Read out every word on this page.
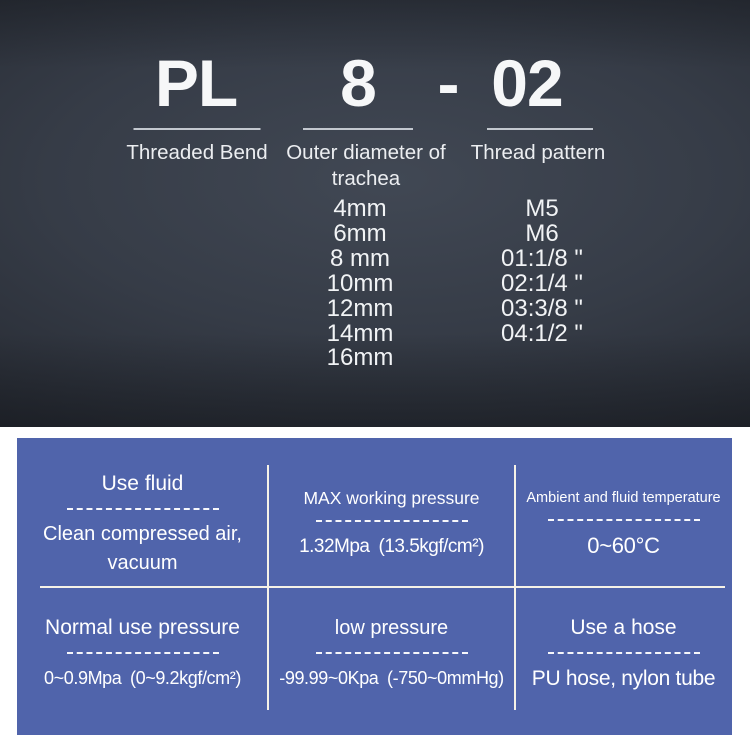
PL 8 - 02
Threaded Bend Outer diameter of trachea
Thread pattern
4mm
6mm
8 mm
10mm
12mm
14mm
16mm
M5
M6
01:1/8 "
02:1/4 "
03:3/8 "
04:1/2 "
Use fluid
Clean compressed air, vacuum
MAX working pressure
1.32Mpa (13.5kgf/cm²)
Ambient and fluid temperature
0~60°C
Normal use pressure
0~0.9Mpa (0~9.2kgf/cm²)
low pressure
-99.99~0Kpa (-750~0mmHg)
Use a hose
PU hose, nylon tube
